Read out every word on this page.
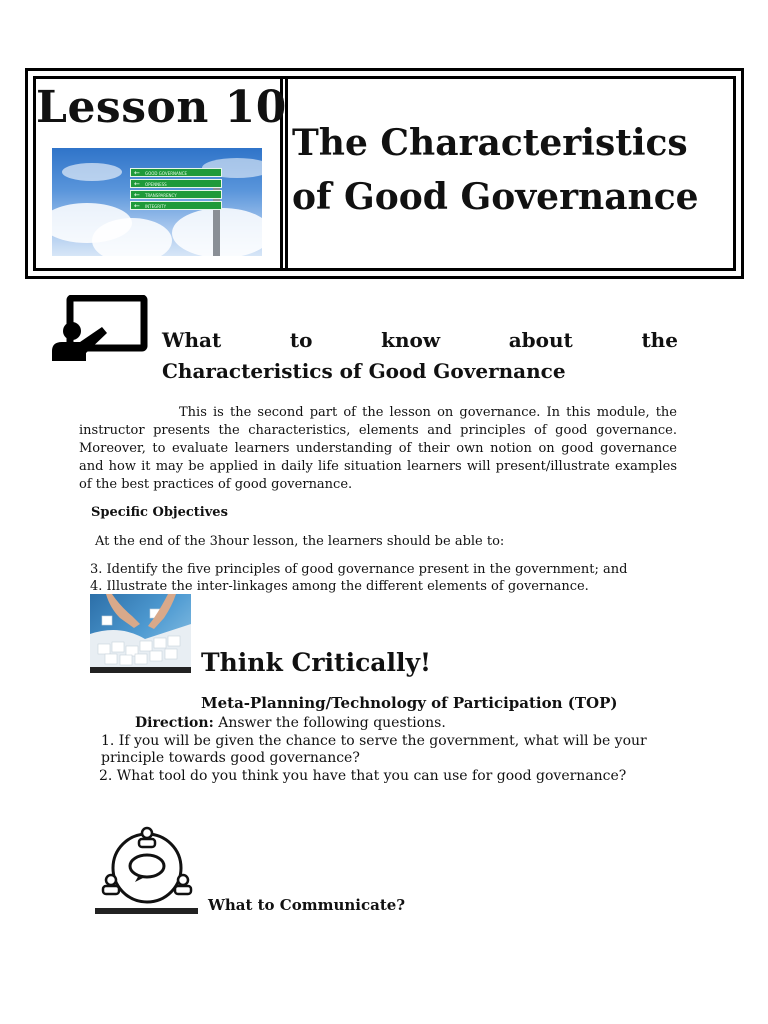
Lesson 10
← GOOD GOVERNANCE
← OPENNESS
← TRANSPARENCY
← INTEGRITY
The Characteristics
of Good Governance
What	to	know	about	the
Characteristics of Good Governance
This is the second part of the lesson on governance. In this module, the instructor presents the characteristics, elements and principles of good governance. Moreover, to evaluate learners understanding of their own notion on good governance and how it may be applied in daily life situation learners will present/illustrate examples of the best practices of good governance.
Specific Objectives
At the end of the 3hour lesson, the learners should be able to:
3. Identify the five principles of good governance present in the government; and
4. Illustrate the inter-linkages among the different elements of governance.
Think Critically!
Meta-Planning/Technology of Participation (TOP)
Direction: Answer the following questions.
1. If you will be given the chance to serve the government, what will be your principle towards good governance?
2. What tool do you think you have that you can use for good governance?
What to Communicate?
